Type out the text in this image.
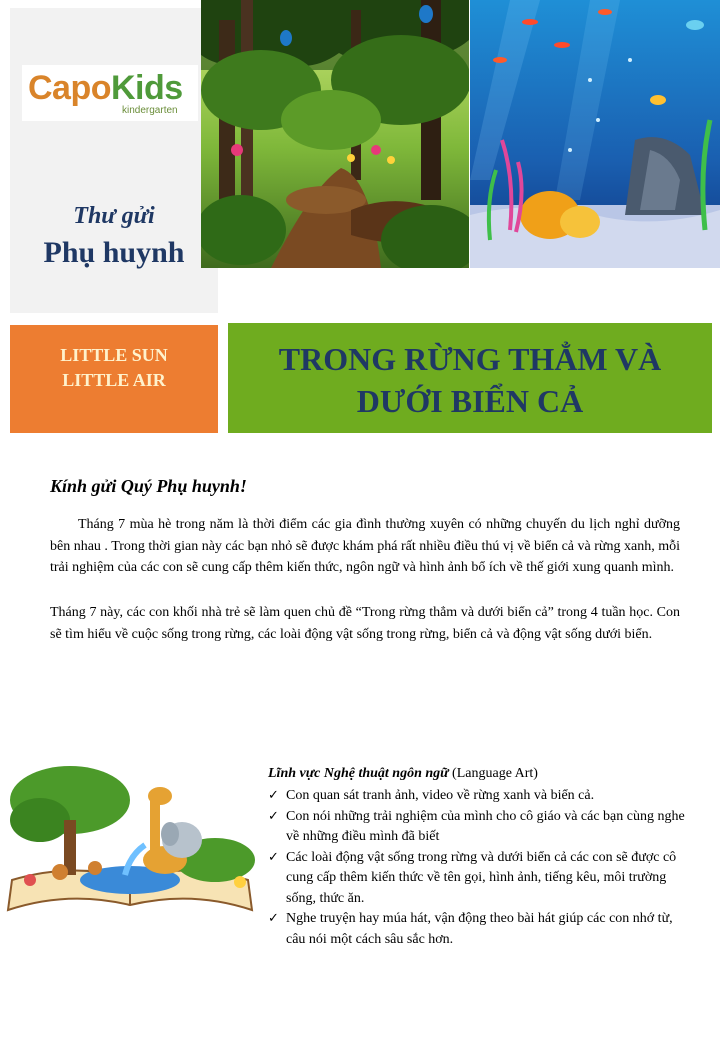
CapoKids
kindergarten
Thư gửi
Phụ huynh
LITTLE SUN
LITTLE AIR
TRONG RỪNG THẲM VÀ
DƯỚI BIỂN CẢ
Kính gửi Quý Phụ huynh!
Tháng 7 mùa hè trong năm là thời điểm các gia đình thường xuyên có những chuyến du lịch nghỉ dưỡng bên nhau . Trong thời gian này các bạn nhỏ sẽ được khám phá rất nhiều điều thú vị về biển cả và rừng xanh, mỗi trải nghiệm của các con sẽ cung cấp thêm kiến thức, ngôn ngữ và hình ảnh bổ ích về thế giới xung quanh mình.
Tháng 7 này, các con khối nhà trẻ sẽ làm quen chủ đề “Trong rừng thẳm và dưới biển cả” trong 4 tuần học. Con sẽ tìm hiểu về cuộc sống trong rừng, các loài động vật sống trong rừng, biển cả và động vật sống dưới biển.
Lĩnh vực Nghệ thuật ngôn ngữ (Language Art)
✓ Con quan sát tranh ảnh, video về rừng xanh và biển cả.
✓ Con nói những trải nghiệm của mình cho cô giáo và các bạn cùng nghe về những điều mình đã biết
✓ Các loài động vật sống trong rừng và dưới biển cả các con sẽ được cô cung cấp thêm kiến thức về tên gọi, hình ảnh, tiếng kêu, môi trường sống, thức ăn.
✓ Nghe truyện hay múa hát, vận động theo bài hát giúp các con nhớ từ, câu nói một cách sâu sắc hơn.
